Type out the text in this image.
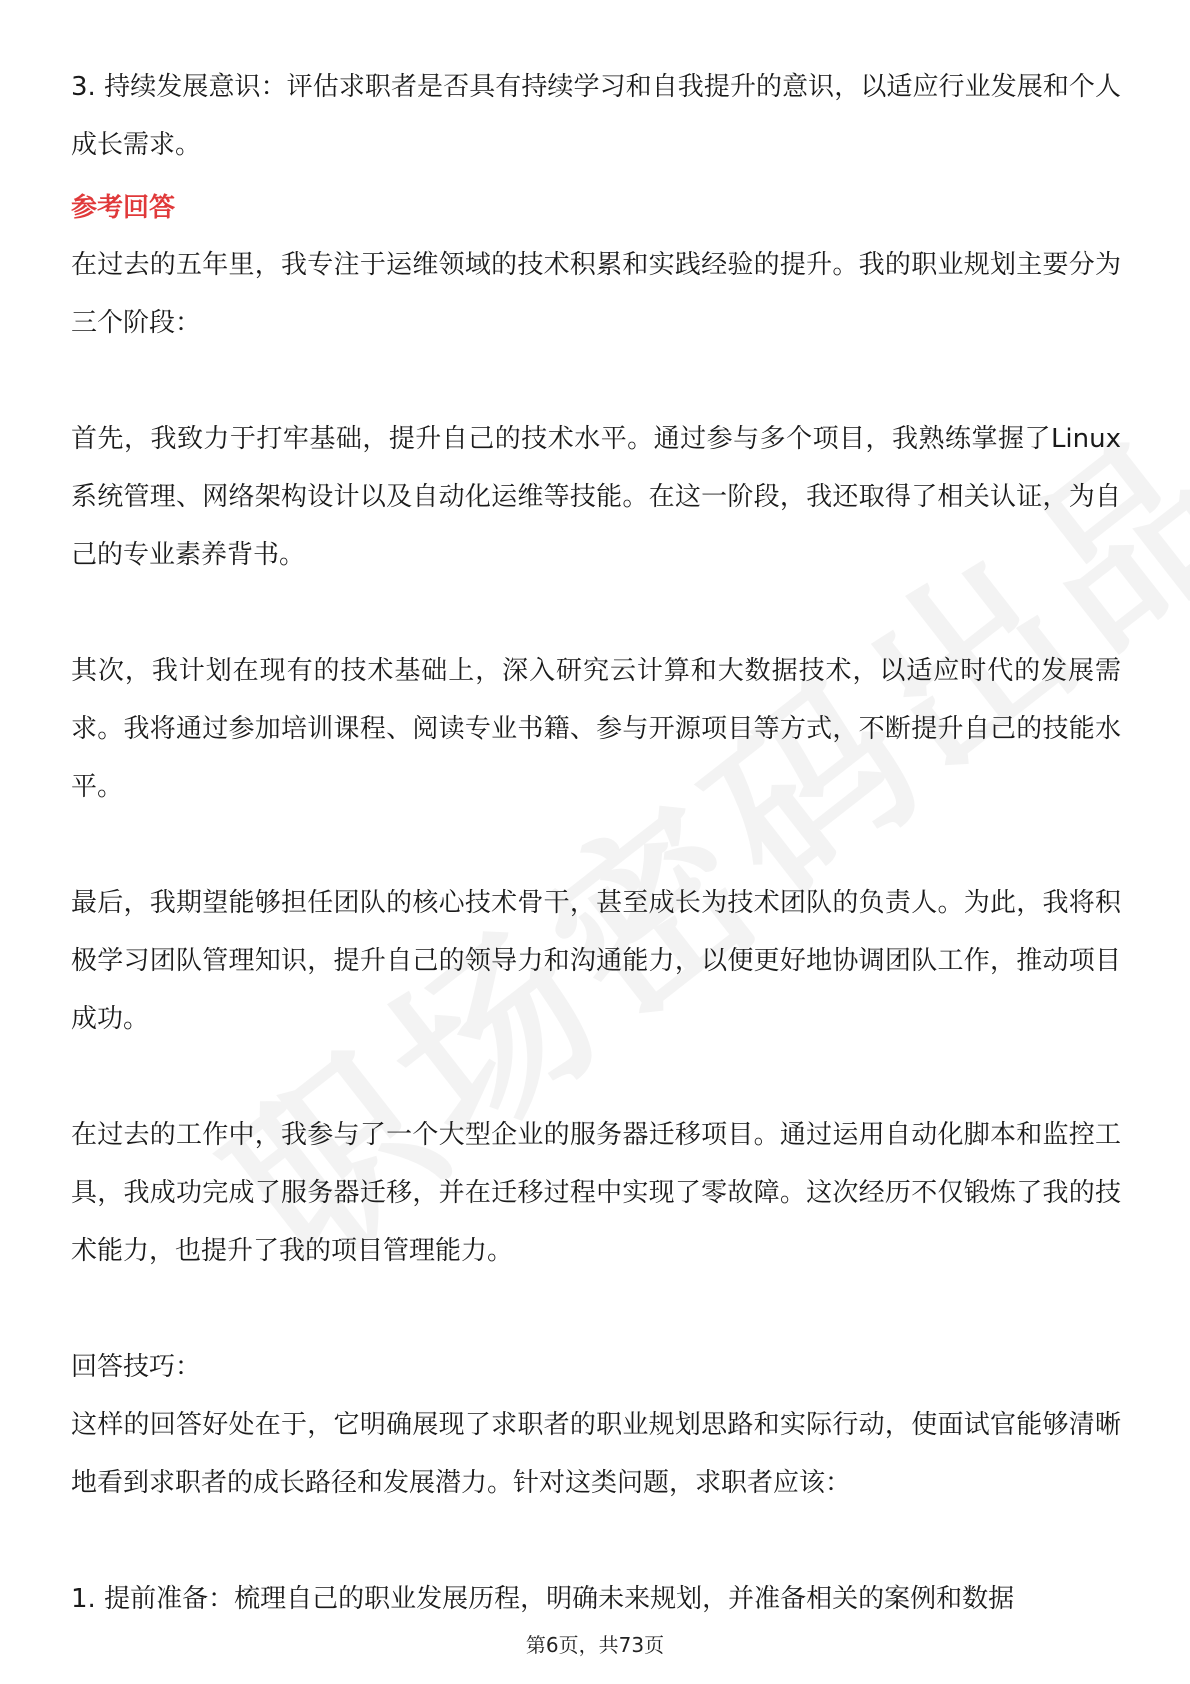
3. 持续发展意识：评估求职者是否具有持续学习和自我提升的意识，以适应行业发展和个人成长需求。

参考回答

在过去的五年里，我专注于运维领域的技术积累和实践经验的提升。我的职业规划主要分为三个阶段：

首先，我致力于打牢基础，提升自己的技术水平。通过参与多个项目，我熟练掌握了Linux系统管理、网络架构设计以及自动化运维等技能。在这一阶段，我还取得了相关认证，为自己的专业素养背书。

其次，我计划在现有的技术基础上，深入研究云计算和大数据技术，以适应时代的发展需求。我将通过参加培训课程、阅读专业书籍、参与开源项目等方式，不断提升自己的技能水平。

最后，我期望能够担任团队的核心技术骨干，甚至成长为技术团队的负责人。为此，我将积极学习团队管理知识，提升自己的领导力和沟通能力，以便更好地协调团队工作，推动项目成功。

在过去的工作中，我参与了一个大型企业的服务器迁移项目。通过运用自动化脚本和监控工具，我成功完成了服务器迁移，并在迁移过程中实现了零故障。这次经历不仅锻炼了我的技术能力，也提升了我的项目管理能力。

回答技巧：

这样的回答好处在于，它明确展现了求职者的职业规划思路和实际行动，使面试官能够清晰地看到求职者的成长路径和发展潜力。针对这类问题，求职者应该：

1. 提前准备：梳理自己的职业发展历程，明确未来规划，并准备相关的案例和数据

第6页，共73页
